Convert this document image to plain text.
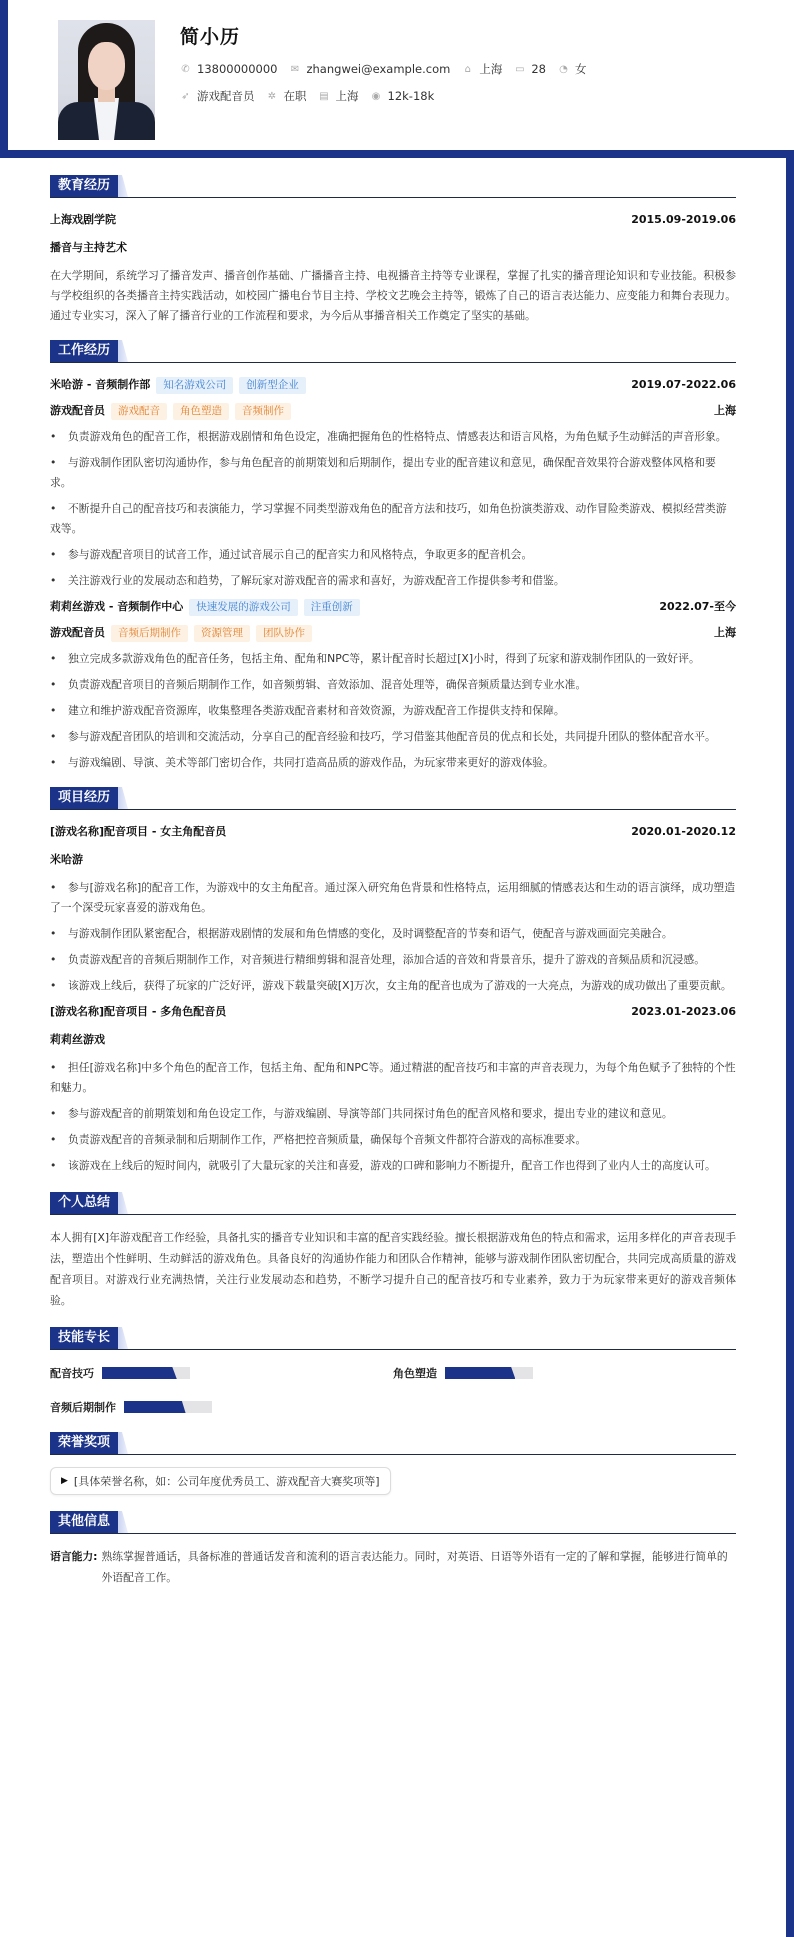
简小历
✆ 13800000000 ✉ zhangwei@example.com ⌂ 上海 ▭ 28 ◔ 女
➶ 游戏配音员 ✲ 在职 ▤ 上海 ◉ 12k-18k
教育经历
上海戏剧学院	2015.09-2019.06
播音与主持艺术
在大学期间，系统学习了播音发声、播音创作基础、广播播音主持、电视播音主持等专业课程，掌握了扎实的播音理论知识和专业技能。积极参与学校组织的各类播音主持实践活动，如校园广播电台节目主持、学校文艺晚会主持等，锻炼了自己的语言表达能力、应变能力和舞台表现力。通过专业实习，深入了解了播音行业的工作流程和要求，为今后从事播音相关工作奠定了坚实的基础。
工作经历
米哈游 - 音频制作部 知名游戏公司 创新型企业	2019.07-2022.06
游戏配音员 游戏配音 角色塑造 音频制作	上海
• 负责游戏角色的配音工作，根据游戏剧情和角色设定，准确把握角色的性格特点、情感表达和语言风格，为角色赋予生动鲜活的声音形象。
• 与游戏制作团队密切沟通协作，参与角色配音的前期策划和后期制作，提出专业的配音建议和意见，确保配音效果符合游戏整体风格和要求。
• 不断提升自己的配音技巧和表演能力，学习掌握不同类型游戏角色的配音方法和技巧，如角色扮演类游戏、动作冒险类游戏、模拟经营类游戏等。
• 参与游戏配音项目的试音工作，通过试音展示自己的配音实力和风格特点，争取更多的配音机会。
• 关注游戏行业的发展动态和趋势，了解玩家对游戏配音的需求和喜好，为游戏配音工作提供参考和借鉴。
莉莉丝游戏 - 音频制作中心 快速发展的游戏公司 注重创新	2022.07-至今
游戏配音员 音频后期制作 资源管理 团队协作	上海
• 独立完成多款游戏角色的配音任务，包括主角、配角和NPC等，累计配音时长超过[X]小时，得到了玩家和游戏制作团队的一致好评。
• 负责游戏配音项目的音频后期制作工作，如音频剪辑、音效添加、混音处理等，确保音频质量达到专业水准。
• 建立和维护游戏配音资源库，收集整理各类游戏配音素材和音效资源，为游戏配音工作提供支持和保障。
• 参与游戏配音团队的培训和交流活动，分享自己的配音经验和技巧，学习借鉴其他配音员的优点和长处，共同提升团队的整体配音水平。
• 与游戏编剧、导演、美术等部门密切合作，共同打造高品质的游戏作品，为玩家带来更好的游戏体验。
项目经历
[游戏名称]配音项目 - 女主角配音员	2020.01-2020.12
米哈游
• 参与[游戏名称]的配音工作，为游戏中的女主角配音。通过深入研究角色背景和性格特点，运用细腻的情感表达和生动的语言演绎，成功塑造了一个深受玩家喜爱的游戏角色。
• 与游戏制作团队紧密配合，根据游戏剧情的发展和角色情感的变化，及时调整配音的节奏和语气，使配音与游戏画面完美融合。
• 负责游戏配音的音频后期制作工作，对音频进行精细剪辑和混音处理，添加合适的音效和背景音乐，提升了游戏的音频品质和沉浸感。
• 该游戏上线后，获得了玩家的广泛好评，游戏下载量突破[X]万次，女主角的配音也成为了游戏的一大亮点，为游戏的成功做出了重要贡献。
[游戏名称]配音项目 - 多角色配音员	2023.01-2023.06
莉莉丝游戏
• 担任[游戏名称]中多个角色的配音工作，包括主角、配角和NPC等。通过精湛的配音技巧和丰富的声音表现力，为每个角色赋予了独特的个性和魅力。
• 参与游戏配音的前期策划和角色设定工作，与游戏编剧、导演等部门共同探讨角色的配音风格和要求，提出专业的建议和意见。
• 负责游戏配音的音频录制和后期制作工作，严格把控音频质量，确保每个音频文件都符合游戏的高标准要求。
• 该游戏在上线后的短时间内，就吸引了大量玩家的关注和喜爱，游戏的口碑和影响力不断提升，配音工作也得到了业内人士的高度认可。
个人总结
本人拥有[X]年游戏配音工作经验，具备扎实的播音专业知识和丰富的配音实践经验。擅长根据游戏角色的特点和需求，运用多样化的声音表现手法，塑造出个性鲜明、生动鲜活的游戏角色。具备良好的沟通协作能力和团队合作精神，能够与游戏制作团队密切配合，共同完成高质量的游戏配音项目。对游戏行业充满热情，关注行业发展动态和趋势，不断学习提升自己的配音技巧和专业素养，致力于为玩家带来更好的游戏音频体验。
技能专长
配音技巧	角色塑造
音频后期制作
荣誉奖项
▶ [具体荣誉名称，如：公司年度优秀员工、游戏配音大赛奖项等]
其他信息
语言能力: 熟练掌握普通话，具备标准的普通话发音和流利的语言表达能力。同时，对英语、日语等外语有一定的了解和掌握，能够进行简单的外语配音工作。
